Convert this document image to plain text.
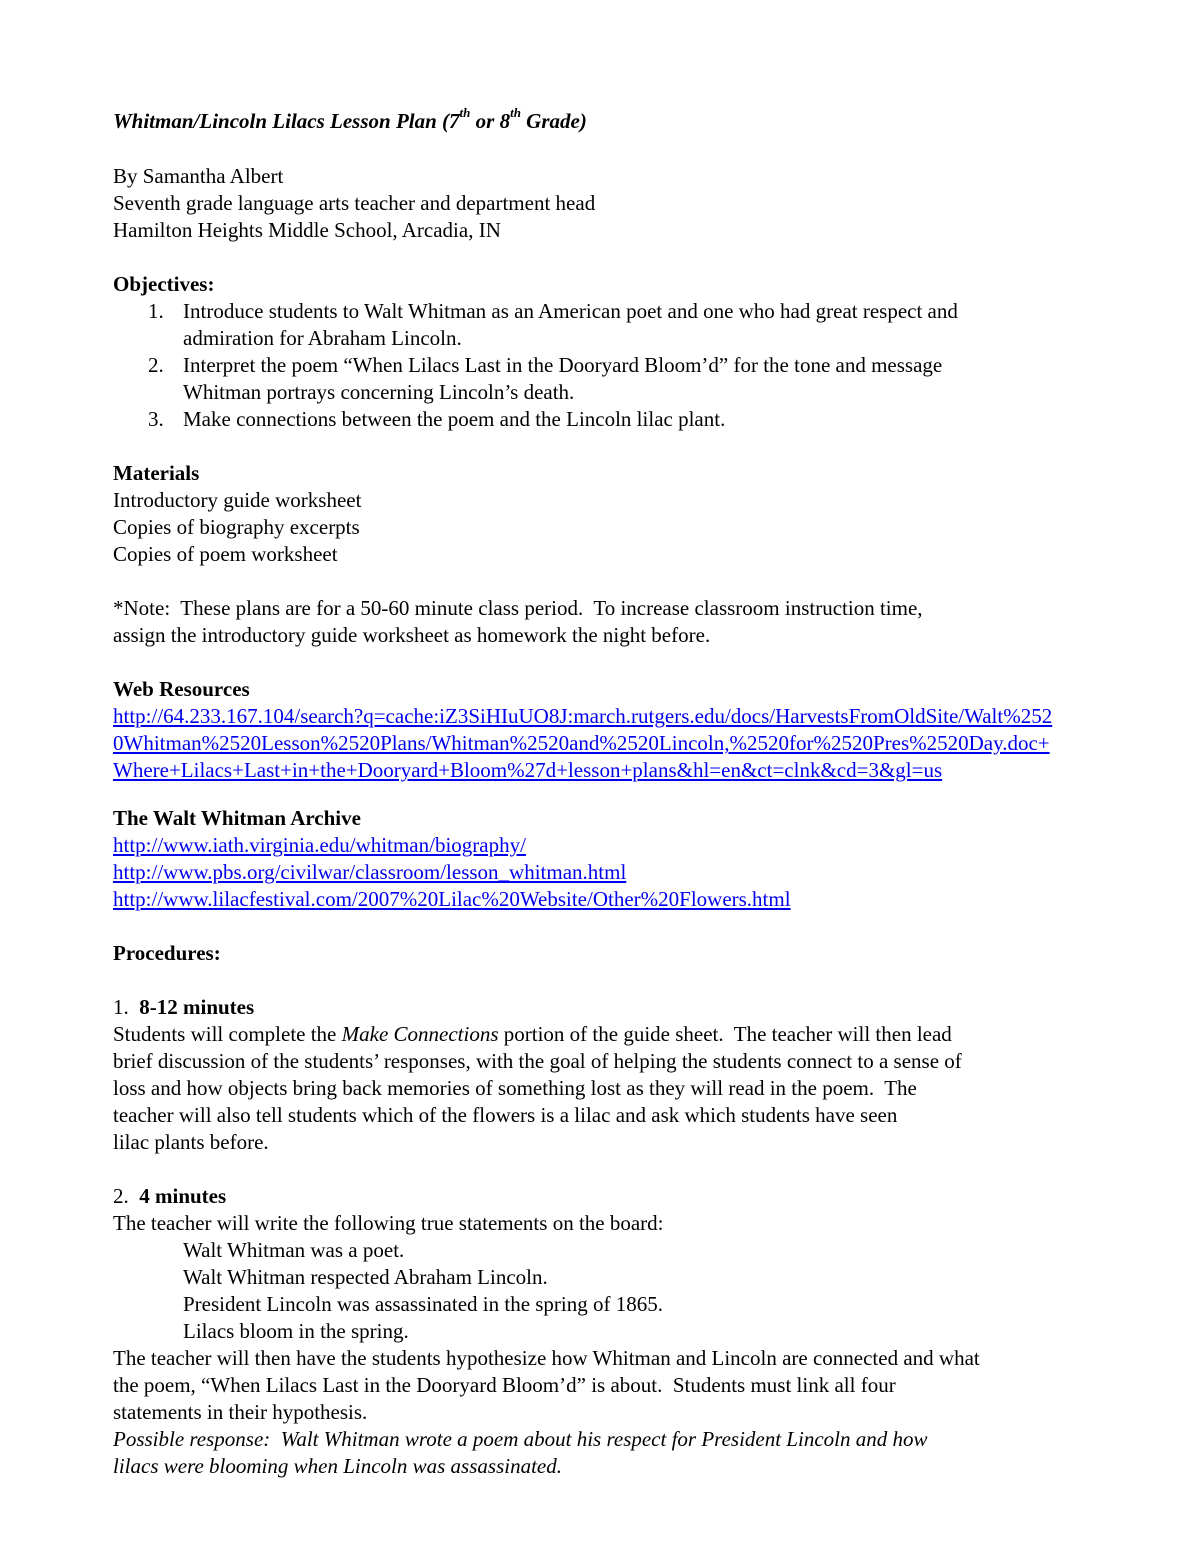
Whitman/Lincoln Lilacs Lesson Plan (7th or 8th Grade)
By Samantha Albert
Seventh grade language arts teacher and department head
Hamilton Heights Middle School, Arcadia, IN
Objectives:
1. Introduce students to Walt Whitman as an American poet and one who had great respect and
admiration for Abraham Lincoln.
2. Interpret the poem “When Lilacs Last in the Dooryard Bloom’d” for the tone and message
Whitman portrays concerning Lincoln’s death.
3. Make connections between the poem and the Lincoln lilac plant.
Materials
Introductory guide worksheet
Copies of biography excerpts
Copies of poem worksheet
*Note:  These plans are for a 50-60 minute class period.  To increase classroom instruction time,
assign the introductory guide worksheet as homework the night before.
Web Resources
http://64.233.167.104/search?q=cache:iZ3SiHIuUO8J:march.rutgers.edu/docs/HarvestsFromOldSite/Walt%252
0Whitman%2520Lesson%2520Plans/Whitman%2520and%2520Lincoln,%2520for%2520Pres%2520Day.doc+
Where+Lilacs+Last+in+the+Dooryard+Bloom%27d+lesson+plans&hl=en&ct=clnk&cd=3&gl=us
The Walt Whitman Archive
http://www.iath.virginia.edu/whitman/biography/
http://www.pbs.org/civilwar/classroom/lesson_whitman.html
http://www.lilacfestival.com/2007%20Lilac%20Website/Other%20Flowers.html
Procedures:
1. 8-12 minutes
Students will complete the Make Connections portion of the guide sheet.  The teacher will then lead
brief discussion of the students’ responses, with the goal of helping the students connect to a sense of
loss and how objects bring back memories of something lost as they will read in the poem.  The
teacher will also tell students which of the flowers is a lilac and ask which students have seen
lilac plants before.
2. 4 minutes
The teacher will write the following true statements on the board:
Walt Whitman was a poet.
Walt Whitman respected Abraham Lincoln.
President Lincoln was assassinated in the spring of 1865.
Lilacs bloom in the spring.
The teacher will then have the students hypothesize how Whitman and Lincoln are connected and what
the poem, “When Lilacs Last in the Dooryard Bloom’d” is about.  Students must link all four
statements in their hypothesis.
Possible response:  Walt Whitman wrote a poem about his respect for President Lincoln and how
lilacs were blooming when Lincoln was assassinated.
